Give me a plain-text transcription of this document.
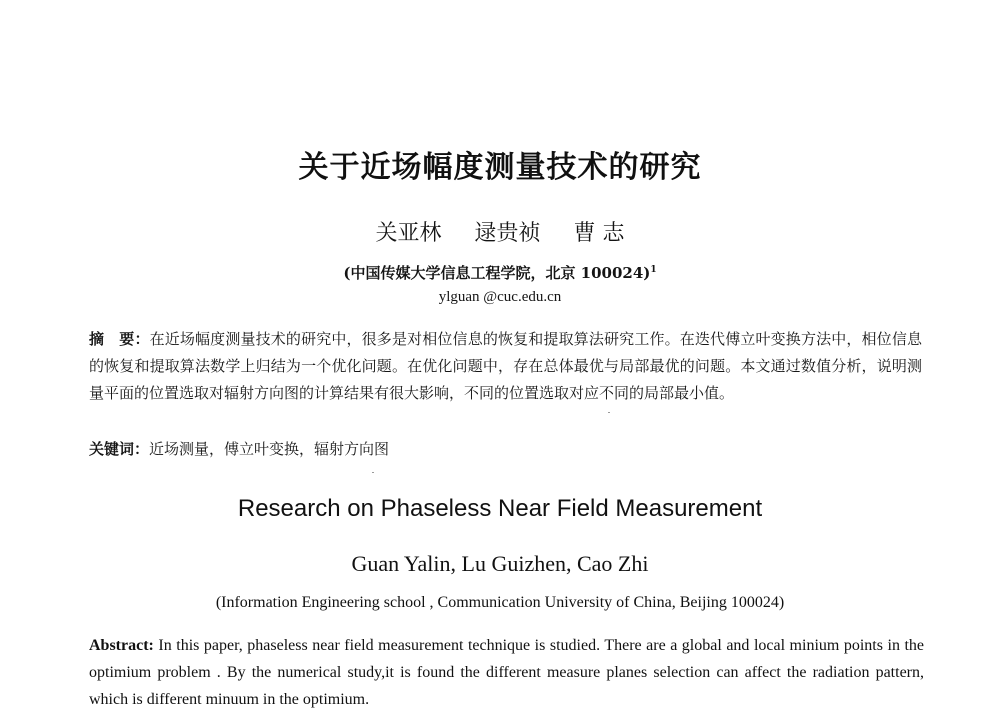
关于近场幅度测量技术的研究
关亚林 逯贵祯 曹 志
(中国传媒大学信息工程学院，北京 100024)$^1$
ylguan @cuc.edu.cn
摘　要：在近场幅度测量技术的研究中，很多是对相位信息的恢复和提取算法研究工作。在迭代傅立叶变换方法中，相位信息的恢复和提取算法数学上归结为一个优化问题。在优化问题中，存在总体最优与局部最优的问题。本文通过数值分析，说明测量平面的位置选取对辐射方向图的计算结果有很大影响，不同的位置选取对应不同的局部最小值。
关键词：近场测量，傅立叶变换，辐射方向图
Research on Phaseless Near Field Measurement
Guan Yalin, Lu Guizhen, Cao Zhi
(Information Engineering school , Communication University of China, Beijing 100024)
Abstract: In this paper, phaseless near field measurement technique is studied. There are a global and local minium points in the optimium problem . By the numerical study,it is found the different measure planes selection can affect the radiation pattern, which is different minuum in the optimium.
